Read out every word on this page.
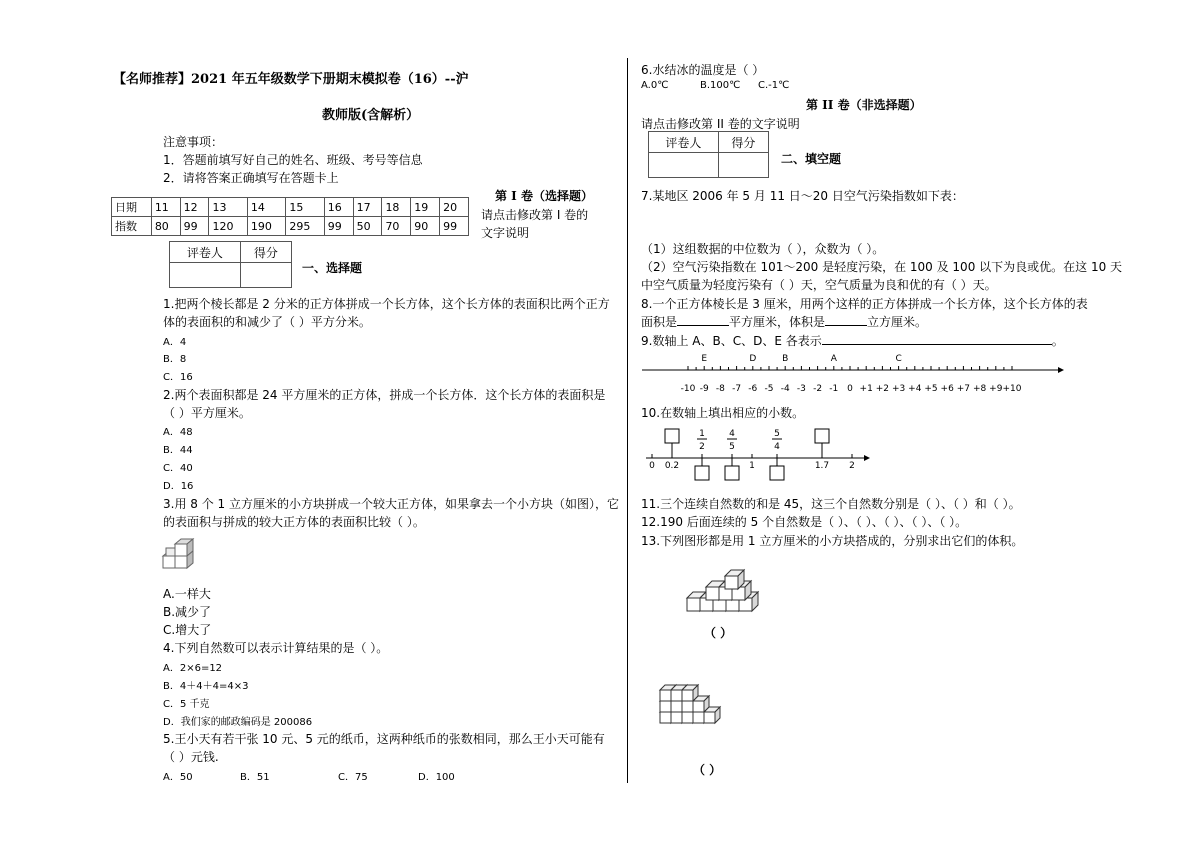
【名师推荐】2021 年五年级数学下册期末模拟卷（16）--沪
教师版(含解析）
注意事项：
1．答题前填写好自己的姓名、班级、考号等信息
2．请将答案正确填写在答题卡上
日期	11	12	13	14	15	16	17	18	19	20
指数	80	99	120	190	295	99	50	70	90	99
第 I 卷（选择题）
请点击修改第 I 卷的
文字说明
评卷人	得分

一、选择题
1.把两个棱长都是 2 分米的正方体拼成一个长方体，这个长方体的表面积比两个正方
体的表面积的和减少了（ ）平方分米。
A．4
B．8
C．16
2.两个表面积都是 24 平方厘米的正方体，拼成一个长方体．这个长方体的表面积是
（ ）平方厘米。
A．48
B．44
C．40
D．16
3.用 8 个 1 立方厘米的小方块拼成一个较大正方体，如果拿去一个小方块（如图），它
的表面积与拼成的较大正方体的表面积比较（ ）。
A.一样大
B.减少了
C.增大了
4.下列自然数可以表示计算结果的是（ ）。
A．2×6=12
B．4＋4＋4=4×3
C．5 千克
D．我们家的邮政编码是 200086
5.王小天有若干张 10 元、5 元的纸币，这两种纸币的张数相同，那么王小天可能有
（ ）元钱.
A．50	B．51	C．75	D．100
6.水结冰的温度是（ ）
A.0℃	B.100℃ C.-1℃
第 II 卷（非选择题）
请点击修改第 II 卷的文字说明
评卷人	得分

二、填空题
7.某地区 2006 年 5 月 11 日～20 日空气污染指数如下表：
（1）这组数据的中位数为（ ），众数为（ ）。
（2）空气污染指数在 101～200 是轻度污染，在 100 及 100 以下为良或优。在这 10 天
中空气质量为轻度污染有（ ）天，空气质量为良和优的有（ ）天。
8.一个正方体棱长是 3 厘米，用两个这样的正方体拼成一个长方体，这个长方体的表
面积是	平方厘米，体积是	立方厘米。
9.数轴上 A、B、C、D、E 各表示	。
-10 -9 -8 -7 -6 -5 -4 -3 -2 -1 0 +1 +2 +3 +4 +5 +6 +7 +8 +9 +10
E	D	B	A	C
10.在数轴上填出相应的小数。
1
2
4
5
5
4
0 0.2	1	1.7 2
11.三个连续自然数的和是 45，这三个自然数分别是（ ）、（ ）和（ ）。
12.190 后面连续的 5 个自然数是（ ）、（ ）、（ ）、（ ）、（ ）。
13.下列图形都是用 1 立方厘米的小方块搭成的，分别求出它们的体积。
（ ）
（ ）
